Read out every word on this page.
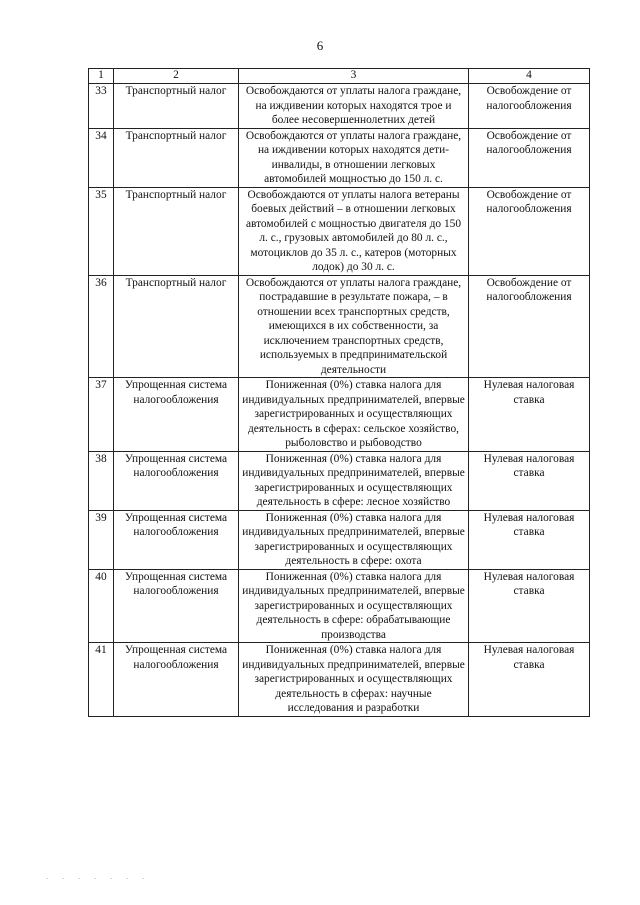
6
1	2	3	4
33	Транспортный налог	Освобождаются от уплаты налога граждане, на иждивении которых находятся трое и более несовершеннолетних детей	Освобождение от налогообложения
34	Транспортный налог	Освобождаются от уплаты налога граждане, на иждивении которых находятся дети-инвалиды, в отношении легковых автомобилей мощностью до 150 л. с.	Освобождение от налогообложения
35	Транспортный налог	Освобождаются от уплаты налога ветераны боевых действий – в отношении легковых автомобилей с мощностью двигателя до 150 л. с., грузовых автомобилей до 80 л. с., мотоциклов до 35 л. с., катеров (моторных лодок) до 30 л. с.	Освобождение от налогообложения
36	Транспортный налог	Освобождаются от уплаты налога граждане, пострадавшие в результате пожара, – в отношении всех транспортных средств, имеющихся в их собственности, за исключением транспортных средств, используемых в предпринимательской деятельности	Освобождение от налогообложения
37	Упрощенная система налогообложения	Пониженная (0%) ставка налога для индивидуальных предпринимателей, впервые зарегистрированных и осуществляющих деятельность в сферах: сельское хозяйство, рыболовство и рыбоводство	Нулевая налоговая ставка
38	Упрощенная система налогообложения	Пониженная (0%) ставка налога для индивидуальных предпринимателей, впервые зарегистрированных и осуществляющих деятельность в сфере: лесное хозяйство	Нулевая налоговая ставка
39	Упрощенная система налогообложения	Пониженная (0%) ставка налога для индивидуальных предпринимателей, впервые зарегистрированных и осуществляющих деятельность в сфере: охота	Нулевая налоговая ставка
40	Упрощенная система налогообложения	Пониженная (0%) ставка налога для индивидуальных предпринимателей, впервые зарегистрированных и осуществляющих деятельность в сфере: обрабатывающие производства	Нулевая налоговая ставка
41	Упрощенная система налогообложения	Пониженная (0%) ставка налога для индивидуальных предпринимателей, впервые зарегистрированных и осуществляющих деятельность в сферах: научные исследования и разработки	Нулевая налоговая ставка
. . . . . . .
